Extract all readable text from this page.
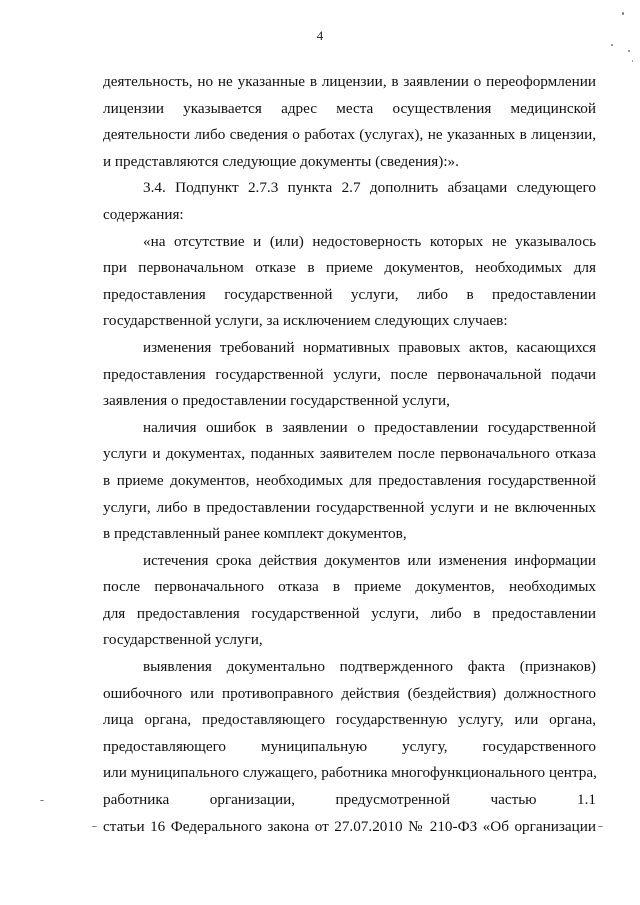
4
деятельность, но не указанные в лицензии, в заявлении о переоформлении
лицензии указывается адрес места осуществления медицинской
деятельности либо сведения о работах (услугах), не указанных в лицензии,
и представляются следующие документы (сведения):».
3.4. Подпункт 2.7.3 пункта 2.7 дополнить абзацами следующего
содержания:
«на отсутствие и (или) недостоверность которых не указывалось
при первоначальном отказе в приеме документов, необходимых для
предоставления государственной услуги, либо в предоставлении
государственной услуги, за исключением следующих случаев:
изменения требований нормативных правовых актов, касающихся
предоставления государственной услуги, после первоначальной подачи
заявления о предоставлении государственной услуги,
наличия ошибок в заявлении о предоставлении государственной
услуги и документах, поданных заявителем после первоначального отказа
в приеме документов, необходимых для предоставления государственной
услуги, либо в предоставлении государственной услуги и не включенных
в представленный ранее комплект документов,
истечения срока действия документов или изменения информации
после первоначального отказа в приеме документов, необходимых
для предоставления государственной услуги, либо в предоставлении
государственной услуги,
выявления документально подтвержденного факта (признаков)
ошибочного или противоправного действия (бездействия) должностного
лица органа, предоставляющего государственную услугу, или органа,
предоставляющего муниципальную услугу, государственного
или муниципального служащего, работника многофункционального центра,
работника организации, предусмотренной частью 1.1
статьи 16 Федерального закона от 27.07.2010 № 210-ФЗ «Об организации
